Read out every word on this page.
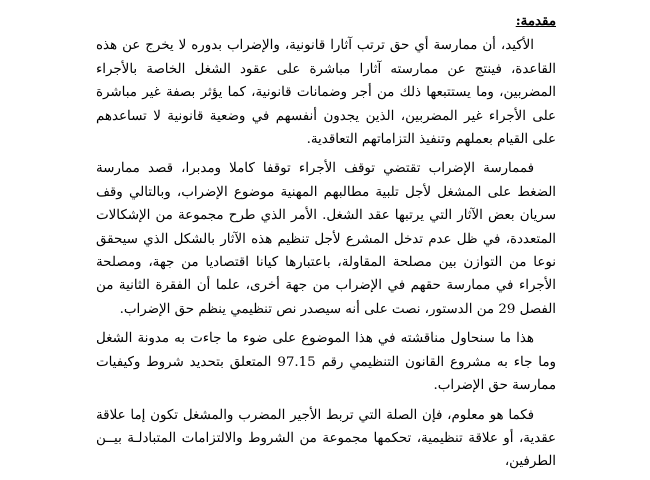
مقدمة:

الأكيد، أن ممارسة أي حق ترتب آثارا قانونية، والإضراب بدوره لا يخرج عن هذه القاعدة، فينتج عن ممارسته آثارا مباشرة على عقود الشغل الخاصة بالأجراء المضربين، وما يستتبعها ذلك من أجر وضمانات قانونية، كما يؤثر بصفة غير مباشرة على الأجراء غير المضربين، الذين يجدون أنفسهم في وضعية قانونية لا تساعدهم على القيام بعملهم وتنفيذ التزاماتهم التعاقدية.

فممارسة الإضراب تقتضي توقف الأجراء توقفا كاملا ومدبرا، قصد ممارسة الضغط على المشغل لأجل تلبية مطالبهم المهنية موضوع الإضراب، وبالتالي وقف سريان بعض الآثار التي يرتبها عقد الشغل. الأمر الذي طرح مجموعة من الإشكالات المتعددة، في ظل عدم تدخل المشرع لأجل تنظيم هذه الآثار بالشكل الذي سيحقق نوعا من التوازن بين مصلحة المقاولة، باعتبارها كيانا اقتصاديا من جهة، ومصلحة الأجراء في ممارسة حقهم في الإضراب من جهة أخرى، علما أن الفقرة الثانية من الفصل 29 من الدستور، نصت على أنه سيصدر نص تنظيمي ينظم حق الإضراب.

هذا ما سنحاول مناقشته في هذا الموضوع على ضوء ما جاءت به مدونة الشغل وما جاء به مشروع القانون التنظيمي رقم 97.15 المتعلق بتحديد شروط وكيفيات ممارسة حق الإضراب.

فكما هو معلوم، فإن الصلة التي تربط الأجير المضرب والمشغل تكون إما علاقة عقدية، أو علاقة تنظيمية، تحكمها مجموعة من الشروط والالتزامات المتبادلـة بيــن الطرفين،
